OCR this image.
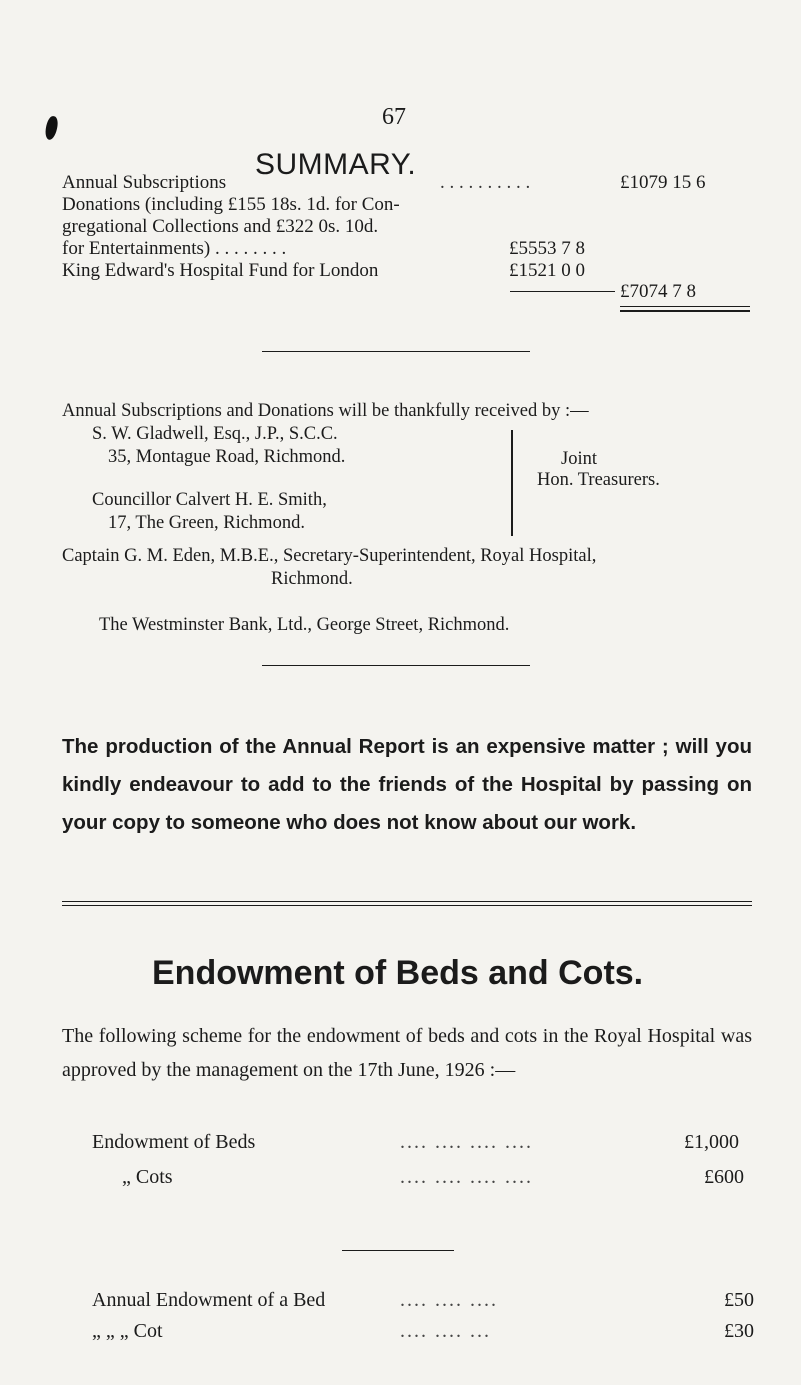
67
SUMMARY.
Annual Subscriptions	. . . . . . . . . .	£1079 15 6
Donations (including £155 18s. 1d. for Con-
gregational Collections and £322 0s. 10d.
for Entertainments) . . . . . . . .	£5553 7 8
King Edward's Hospital Fund for London	£1521 0 0
£7074 7 8
Annual Subscriptions and Donations will be thankfully received by :—
S. W. Gladwell, Esq., J.P., S.C.C.
35, Montague Road, Richmond.
Councillor Calvert H. E. Smith,
17, The Green, Richmond.
Joint
Hon. Treasurers.
Captain G. M. Eden, M.B.E., Secretary-Superintendent, Royal Hospital,
Richmond.
The Westminster Bank, Ltd., George Street, Richmond.
The production of the Annual Report is an expensive matter ; will you kindly endeavour to add to the friends of the Hospital by passing on your copy to someone who does not know about our work.
Endowment of Beds and Cots.
The following scheme for the endowment of beds and cots in the Royal Hospital was approved by the management on the 17th June, 1926 :—
Endowment of Beds	.... .... .... ....	£1,000
„ Cots	.... .... .... ....	£600
Annual Endowment of a Bed	.... .... ....	£50
„ „ „ Cot	.... .... ...	£30
